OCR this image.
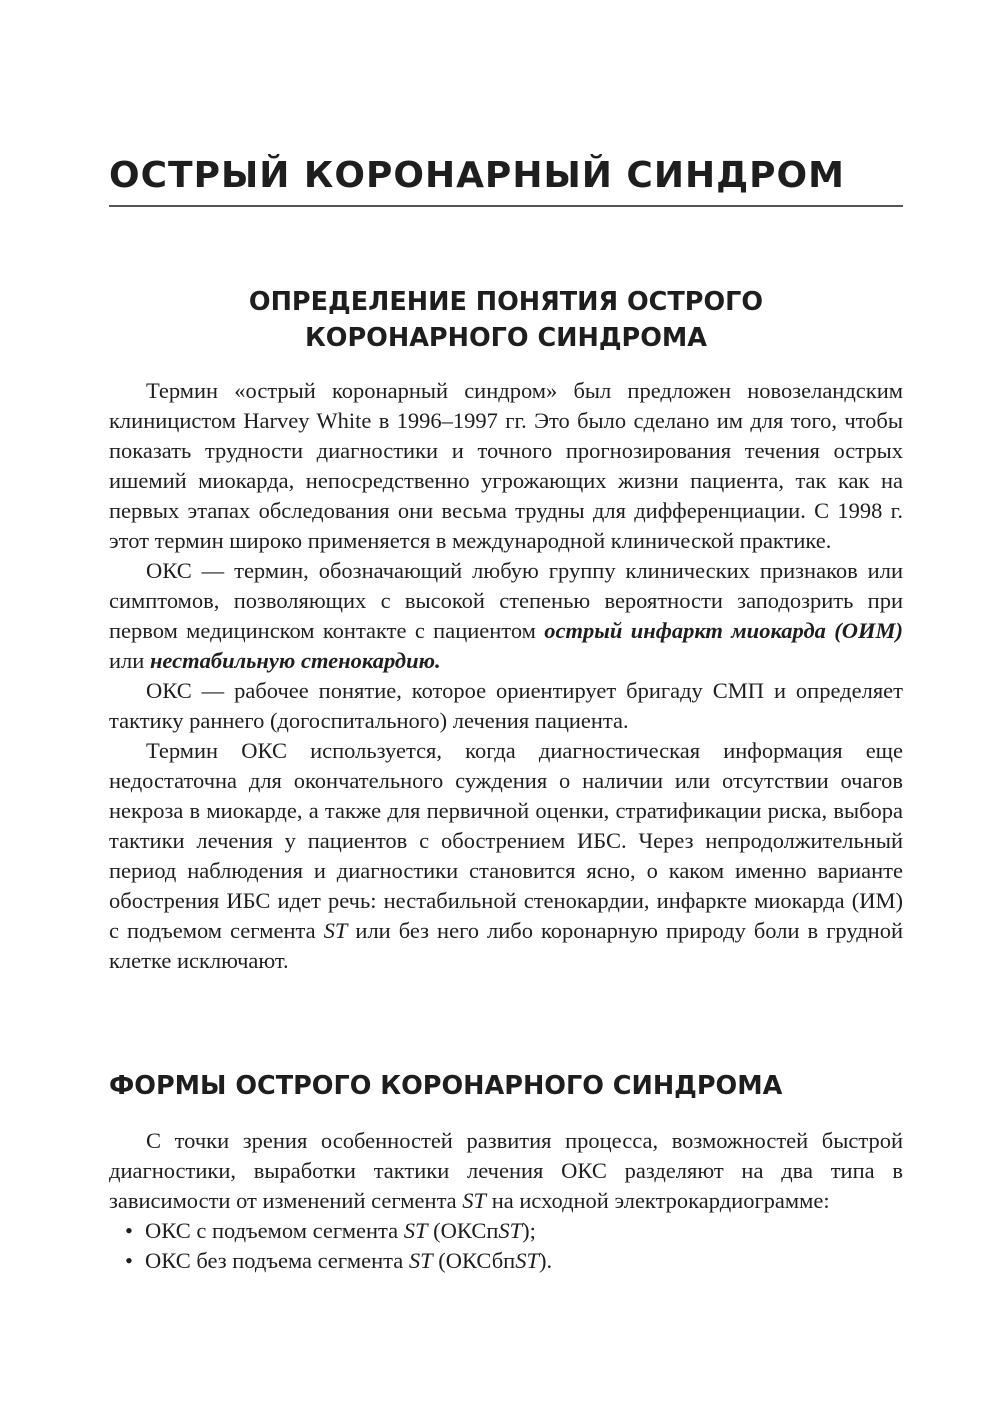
ОСТРЫЙ КОРОНАРНЫЙ СИНДРОМ
ОПРЕДЕЛЕНИЕ ПОНЯТИЯ ОСТРОГО
КОРОНАРНОГО СИНДРОМА

Термин «острый коронарный синдром» был предложен новозеландским клиницистом Harvey White в 1996–1997 гг. Это было сделано им для того, чтобы показать трудности диагностики и точного прогнозирования течения острых ишемий миокарда, непосредственно угрожающих жизни пациента, так как на первых этапах обследования они весьма трудны для дифференциации. С 1998 г. этот термин широко применяется в международной клинической практике.

ОКС — термин, обозначающий любую группу клинических признаков или симптомов, позволяющих с высокой степенью вероятности заподозрить при первом медицинском контакте с пациентом острый инфаркт миокарда (ОИМ) или нестабильную стенокардию.

ОКС — рабочее понятие, которое ориентирует бригаду СМП и определяет тактику раннего (догоспитального) лечения пациента.

Термин ОКС используется, когда диагностическая информация еще недостаточна для окончательного суждения о наличии или отсутствии очагов некроза в миокарде, а также для первичной оценки, стратификации риска, выбора тактики лечения у пациентов с обострением ИБС. Через непродолжительный период наблюдения и диагностики становится ясно, о каком именно варианте обострения ИБС идет речь: нестабильной стенокардии, инфаркте миокарда (ИМ) с подъемом сегмента ST или без него либо коронарную природу боли в грудной клетке исключают.

ФОРМЫ ОСТРОГО КОРОНАРНОГО СИНДРОМА

С точки зрения особенностей развития процесса, возможностей быстрой диагностики, выработки тактики лечения ОКС разделяют на два типа в зависимости от изменений сегмента ST на исходной электрокардиограмме:

• ОКС с подъемом сегмента ST (ОКСпST);
• ОКС без подъема сегмента ST (ОКСбпST).
